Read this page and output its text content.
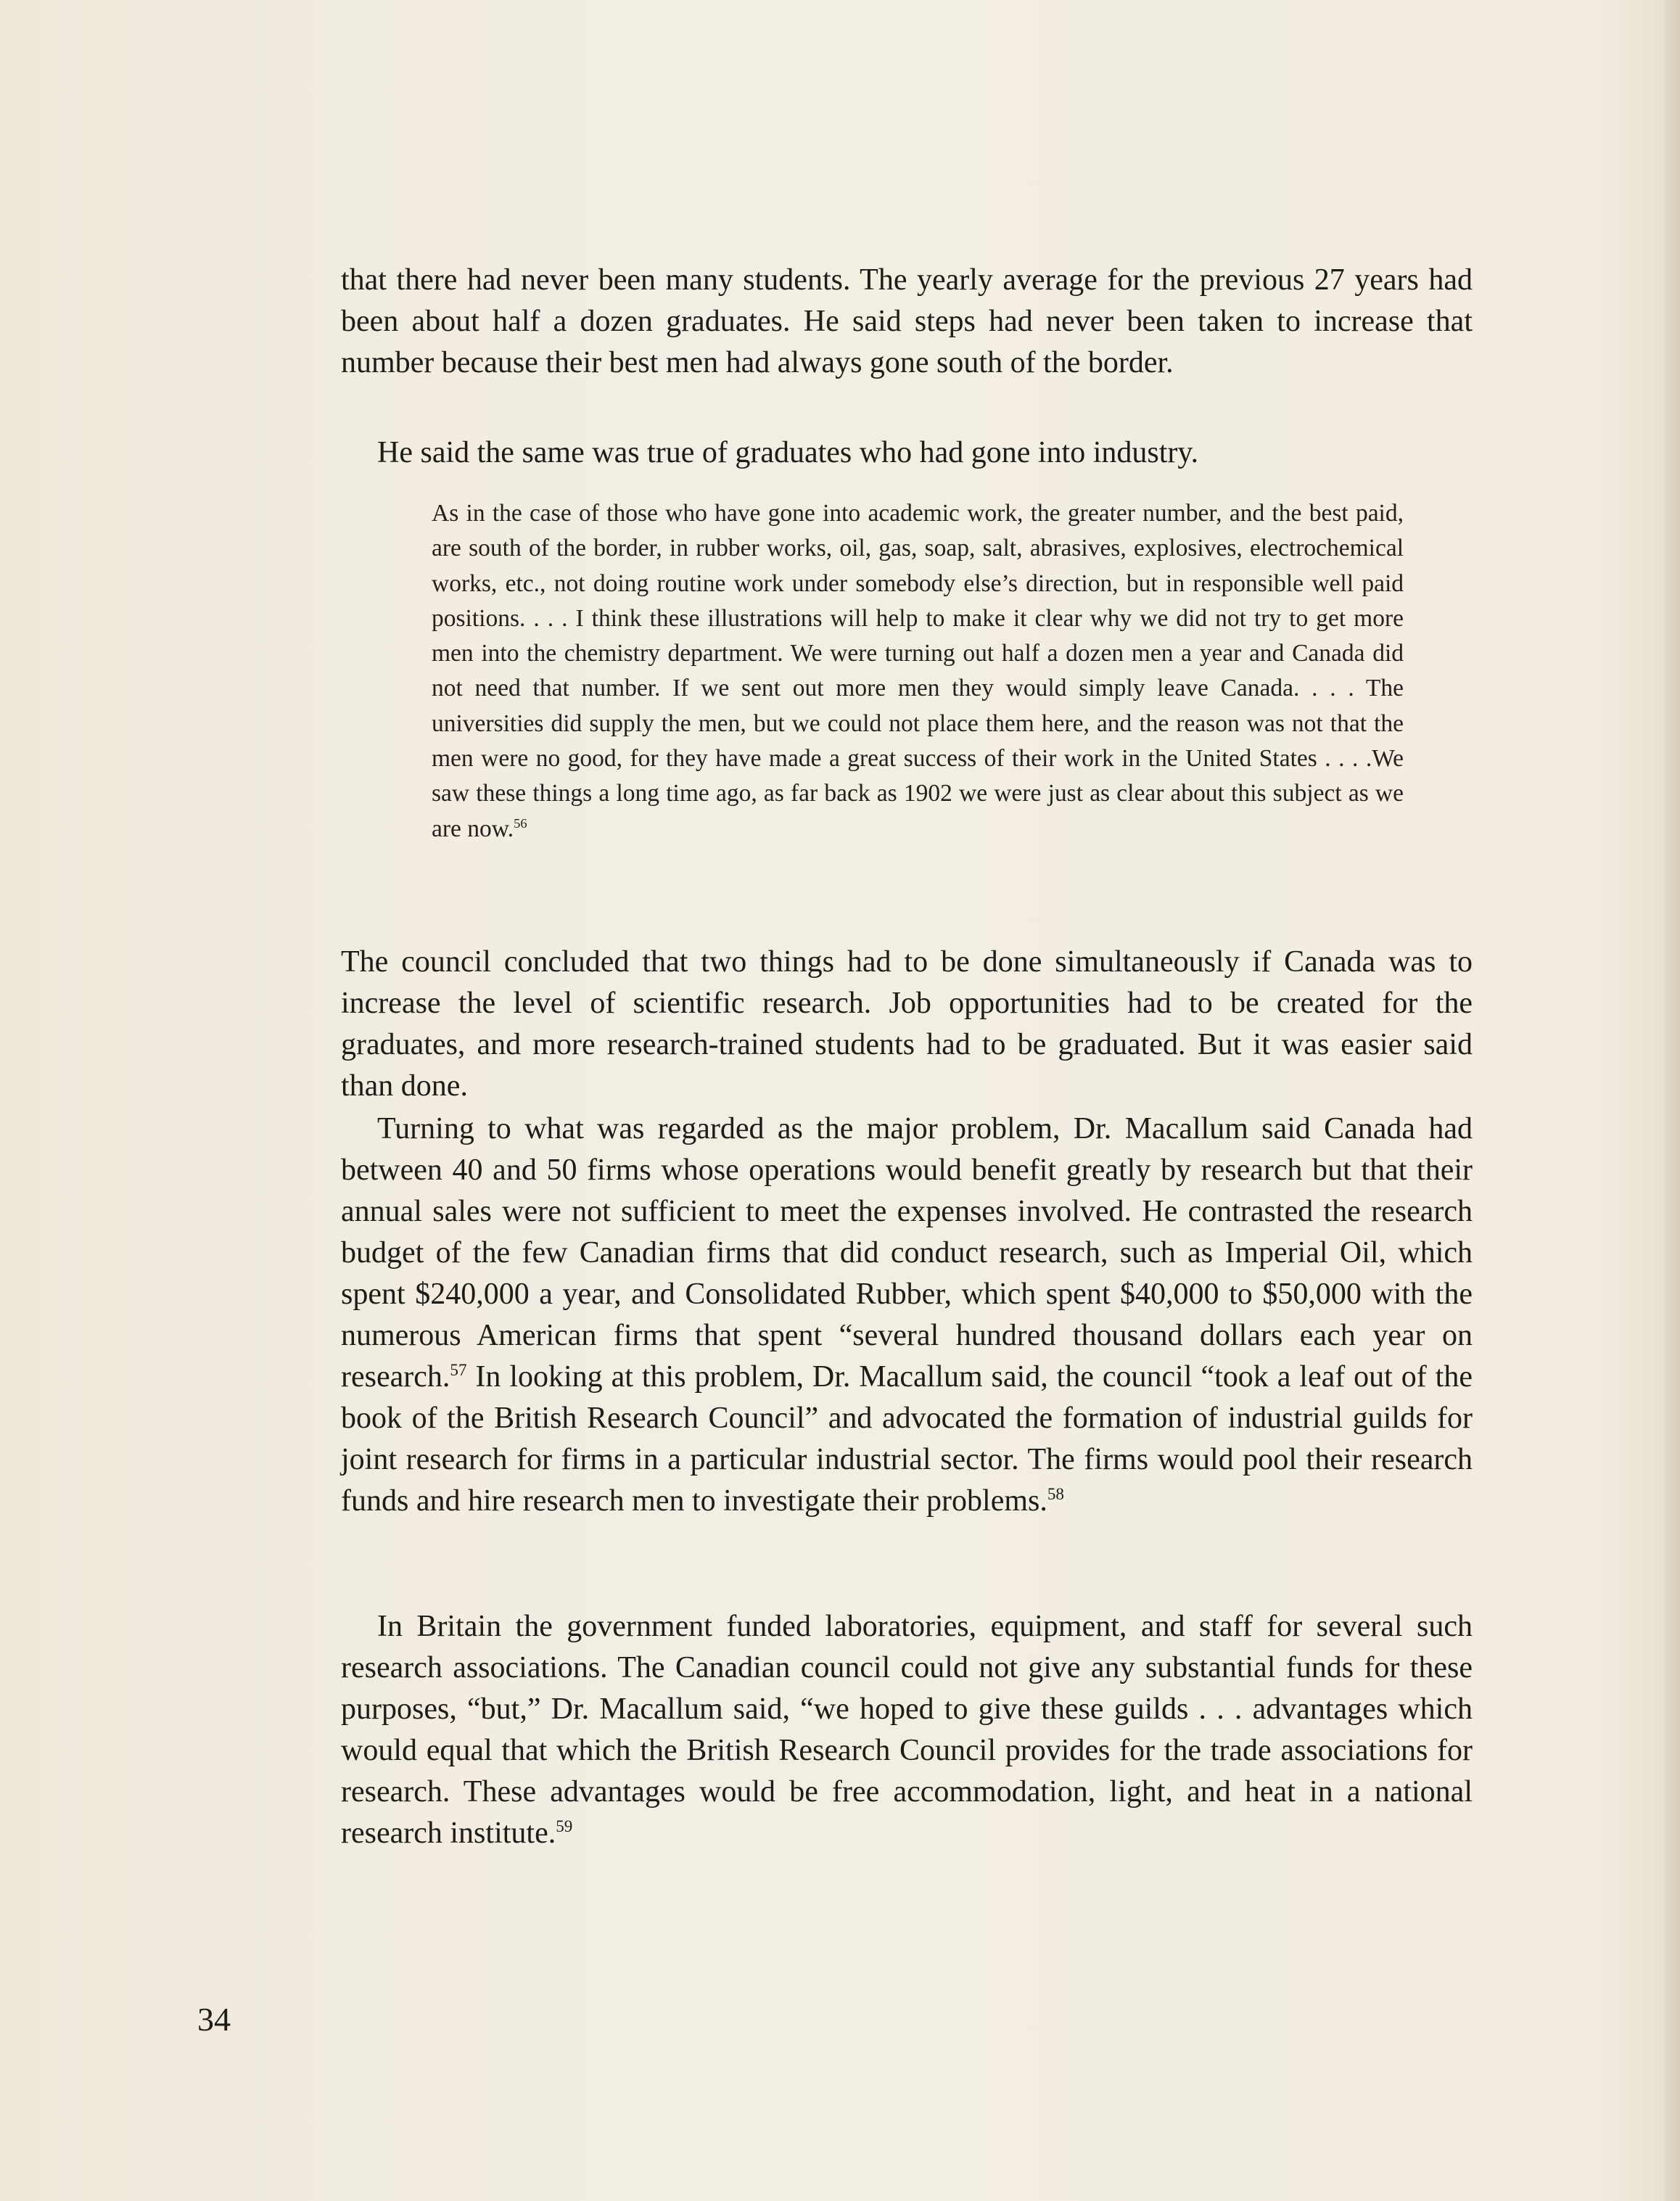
that there had never been many students. The yearly average for the previous 27 years had been about half a dozen graduates. He said steps had never been taken to increase that number because their best men had always gone south of the border.

He said the same was true of graduates who had gone into industry.

As in the case of those who have gone into academic work, the greater number, and the best paid, are south of the border, in rubber works, oil, gas, soap, salt, abrasives, explosives, electrochemical works, etc., not doing routine work under somebody else’s direction, but in responsible well paid positions. . . . I think these illustrations will help to make it clear why we did not try to get more men into the chemistry department. We were turning out half a dozen men a year and Canada did not need that number. If we sent out more men they would simply leave Canada. . . . The universities did supply the men, but we could not place them here, and the reason was not that the men were no good, for they have made a great success of their work in the United States . . . .We saw these things a long time ago, as far back as 1902 we were just as clear about this subject as we are now.$^{56}$

The council concluded that two things had to be done simultaneously if Canada was to increase the level of scientific research. Job opportunities had to be created for the graduates, and more research-trained students had to be graduated. But it was easier said than done.

Turning to what was regarded as the major problem, Dr. Macallum said Canada had between 40 and 50 firms whose operations would benefit greatly by research but that their annual sales were not sufficient to meet the expenses involved. He contrasted the research budget of the few Canadian firms that did conduct research, such as Imperial Oil, which spent $240,000 a year, and Consolidated Rubber, which spent $40,000 to $50,000 with the numerous American firms that spent “several hundred thousand dollars each year on research.$^{57}$ In looking at this problem, Dr. Macallum said, the council “took a leaf out of the book of the British Research Council” and advocated the formation of industrial guilds for joint research for firms in a particular industrial sector. The firms would pool their research funds and hire research men to investigate their problems.$^{58}$

In Britain the government funded laboratories, equipment, and staff for several such research associations. The Canadian council could not give any substantial funds for these purposes, “but,” Dr. Macallum said, “we hoped to give these guilds . . . advantages which would equal that which the British Research Council provides for the trade associations for research. These advantages would be free accommodation, light, and heat in a national research institute.$^{59}$

34
